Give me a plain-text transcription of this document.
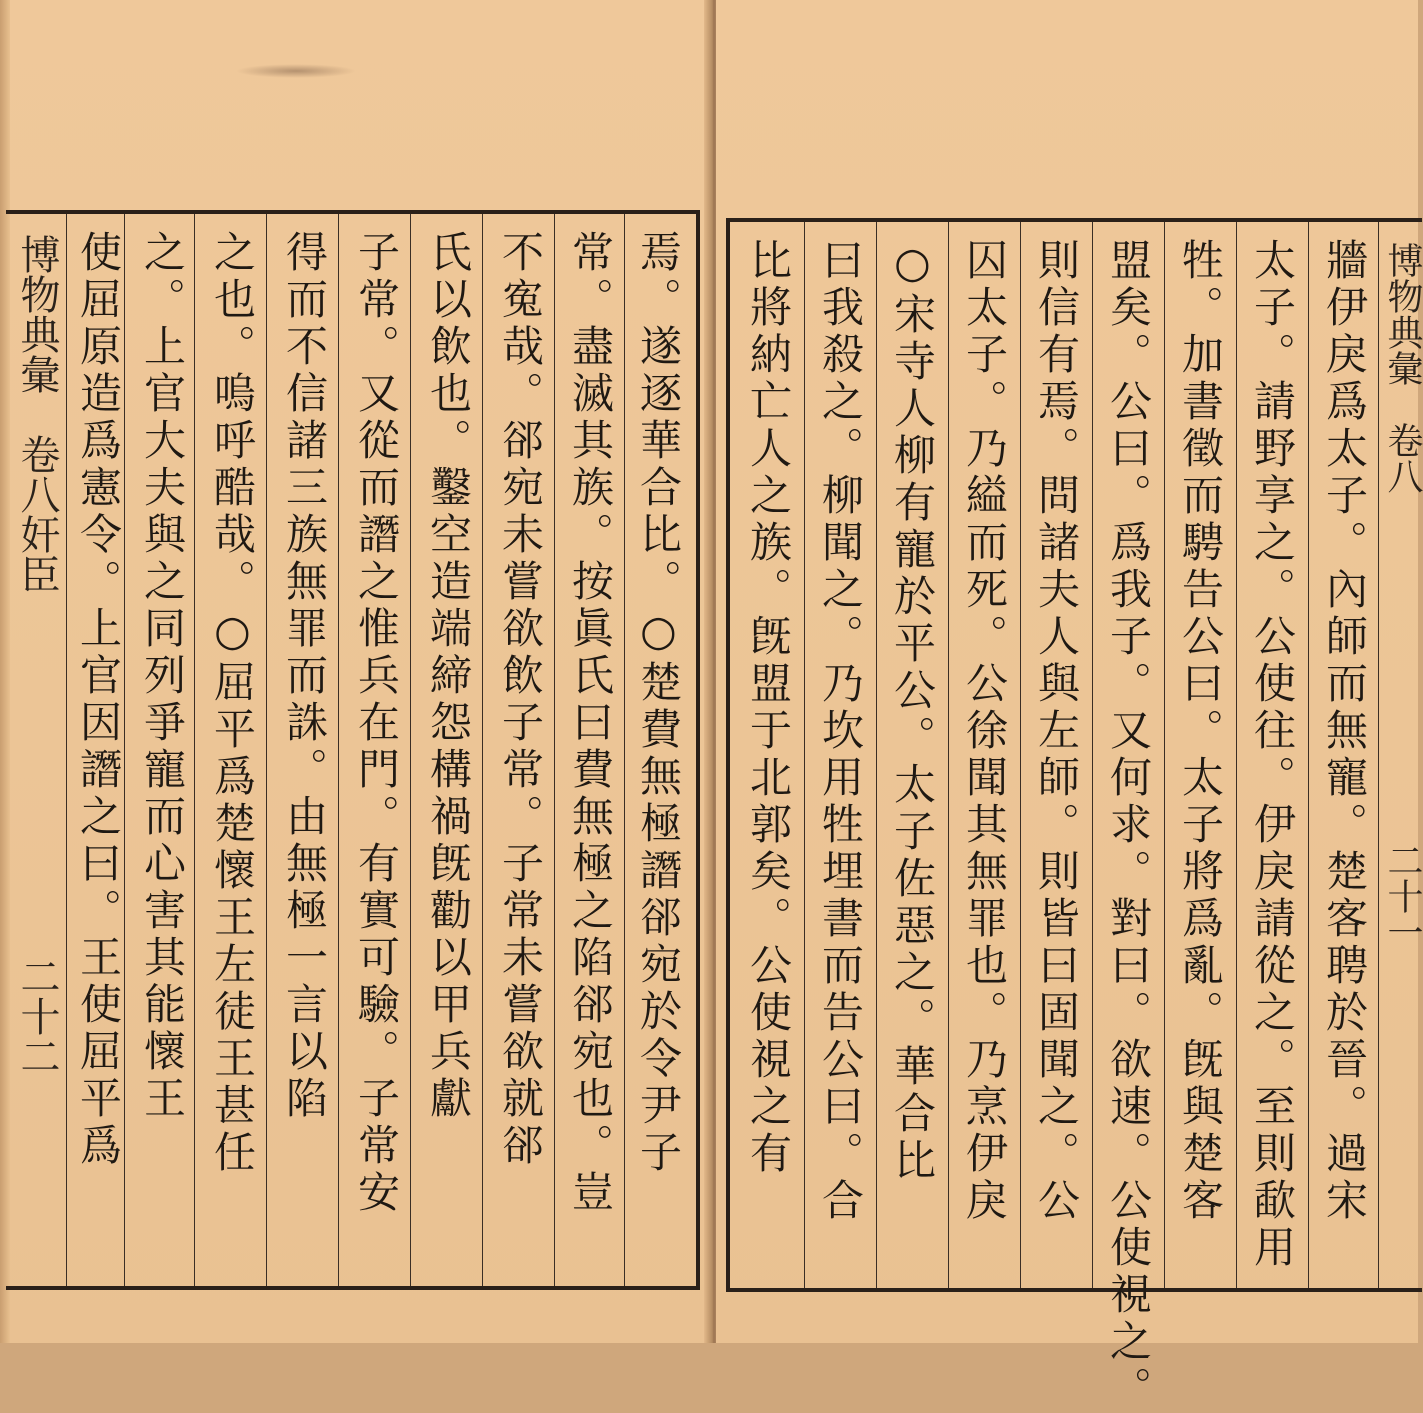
博物典彙　卷八奸臣
二十二	焉。遂逐華合比。○楚費無極譖郤宛於令尹子
常。盡滅其族。按眞氏曰費無極之陷郤宛也。豈
不寃哉。郤宛未嘗欲飲子常。子常未嘗欲就郤
氏以飲也。鑿空造端締怨構禍旣勸以甲兵獻
子常。又從而譖之惟兵在門。有實可驗。子常安
得而不信諸三族無罪而誅。由無極一言以陷
之也。嗚呼酷哉。○屈平爲楚懷王左徒王甚任
之。上官大夫與之同列爭寵而心害其能懷王
使屈原造爲憲令。上官因譖之曰。王使屈平爲	比將納亡人之族。旣盟于北郭矣。公使視之有 曰我殺之。柳聞之。乃坎用牲埋書而告公曰。合 ○宋寺人柳有寵於平公。太子佐惡之。華合比 囚太子。乃縊而死。公徐聞其無罪也。乃烹伊戾 則信有焉。問諸夫人與左師。則皆曰固聞之。公 盟矣。公曰。爲我子。又何求。對曰。欲速。公使視之。 牲。加書徵而騁告公曰。太子將爲亂。旣與楚客 太子。請野享之。公使往。伊戾請從之。至則歃用 牆伊戾爲太子。內師而無寵。楚客聘於晉。過宋 博物典彙　卷八
二十一
